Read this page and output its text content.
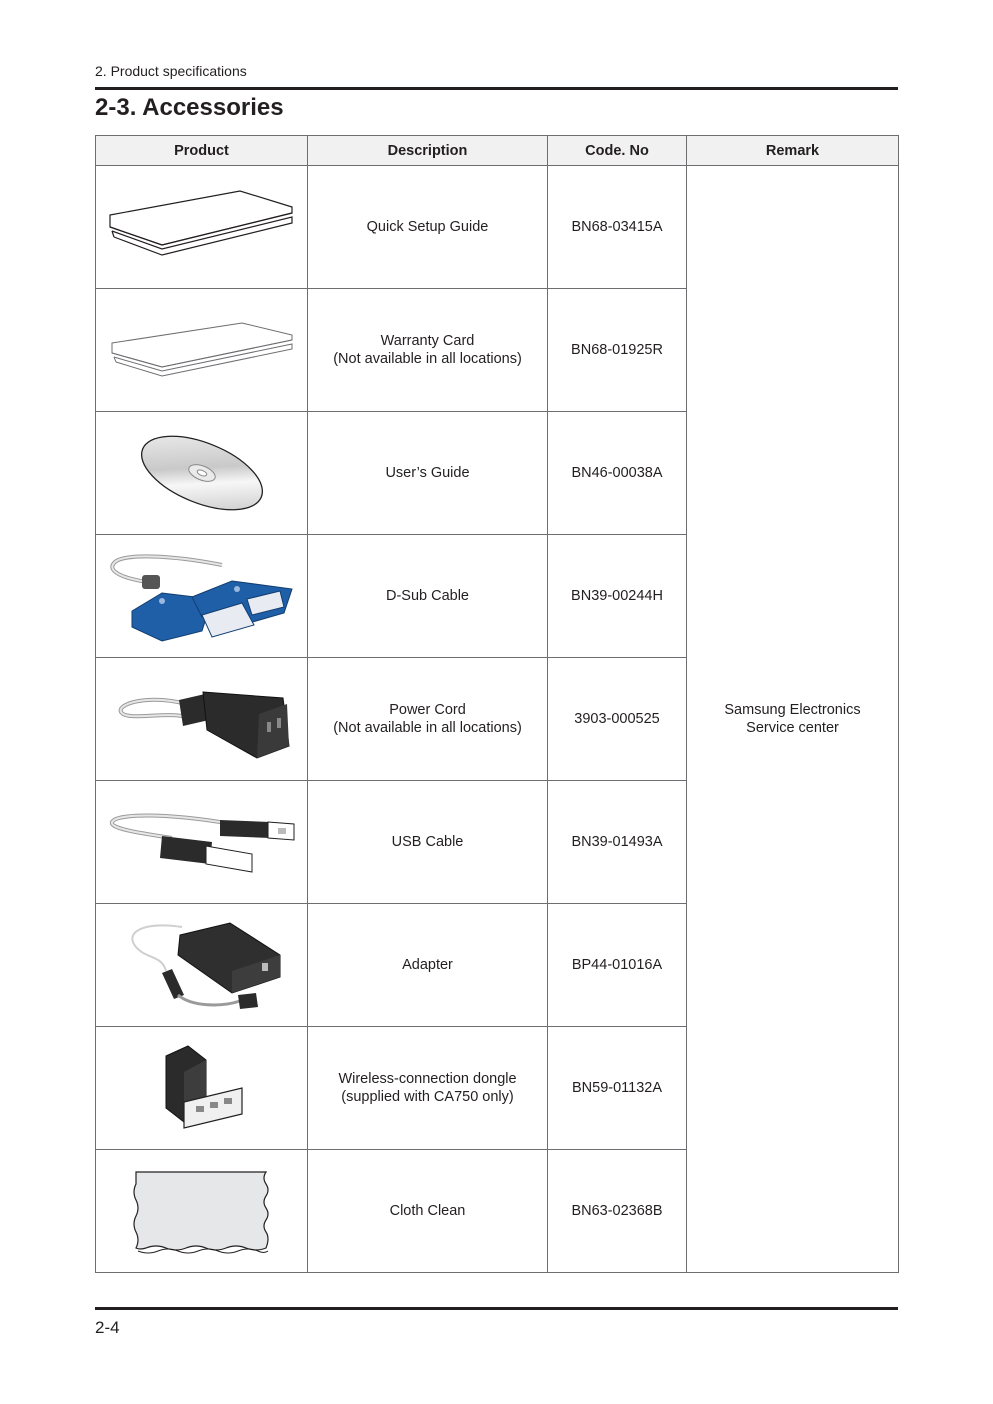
2. Product specifications
2-3. Accessories
Product	Description	Code. No	Remark

Quick Setup Guide	BN68-03415A	Samsung Electronics
Service center

Warranty Card
(Not available in all locations)	BN68-01925R	

User’s Guide	BN46-00038A	

D-Sub Cable	BN39-00244H	

Power Cord
(Not available in all locations)	3903-000525	

USB Cable	BN39-01493A	

Adapter	BP44-01016A	

Wireless-connection dongle
(supplied with CA750 only)	BN59-01132A	

Cloth Clean	BN63-02368B	
2-4
